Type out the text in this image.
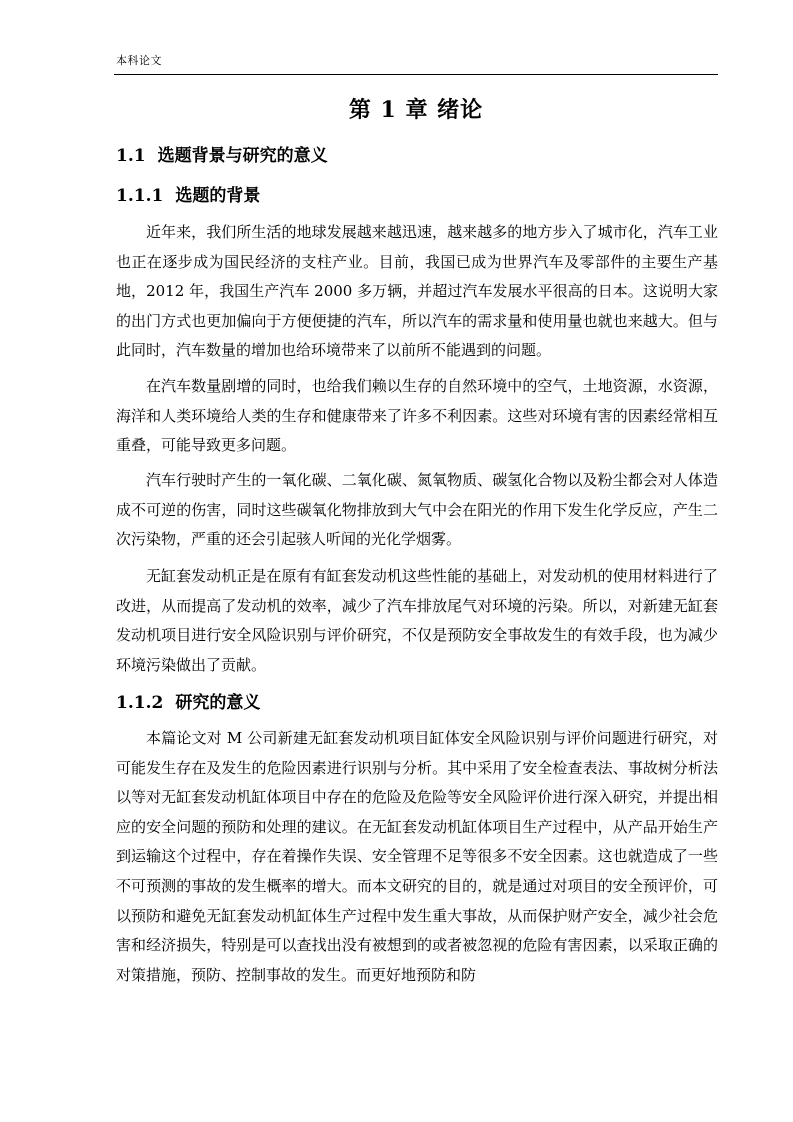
本科论文
第 1 章 绪论
1.1 选题背景与研究的意义
1.1.1 选题的背景

近年来，我们所生活的地球发展越来越迅速，越来越多的地方步入了城市化，汽车工业也正在逐步成为国民经济的支柱产业。目前，我国已成为世界汽车及零部件的主要生产基地，2012 年，我国生产汽车 2000 多万辆，并超过汽车发展水平很高的日本。这说明大家的出门方式也更加偏向于方便便捷的汽车，所以汽车的需求量和使用量也就也来越大。但与此同时，汽车数量的增加也给环境带来了以前所不能遇到的问题。

在汽车数量剧增的同时，也给我们赖以生存的自然环境中的空气，土地资源，水资源，海洋和人类环境给人类的生存和健康带来了许多不利因素。这些对环境有害的因素经常相互重叠，可能导致更多问题。

汽车行驶时产生的一氧化碳、二氧化碳、氮氧物质、碳氢化合物以及粉尘都会对人体造成不可逆的伤害，同时这些碳氧化物排放到大气中会在阳光的作用下发生化学反应，产生二次污染物，严重的还会引起骇人听闻的光化学烟雾。

无缸套发动机正是在原有有缸套发动机这些性能的基础上，对发动机的使用材料进行了改进，从而提高了发动机的效率，减少了汽车排放尾气对环境的污染。所以，对新建无缸套发动机项目进行安全风险识别与评价研究，不仅是预防安全事故发生的有效手段，也为减少环境污染做出了贡献。

1.1.2 研究的意义

本篇论文对 M 公司新建无缸套发动机项目缸体安全风险识别与评价问题进行研究，对可能发生存在及发生的危险因素进行识别与分析。其中采用了安全检查表法、事故树分析法以等对无缸套发动机缸体项目中存在的危险及危险等安全风险评价进行深入研究，并提出相应的安全问题的预防和处理的建议。在无缸套发动机缸体项目生产过程中，从产品开始生产到运输这个过程中，存在着操作失误、安全管理不足等很多不安全因素。这也就造成了一些不可预测的事故的发生概率的增大。而本文研究的目的，就是通过对项目的安全预评价，可以预防和避免无缸套发动机缸体生产过程中发生重大事故，从而保护财产安全，减少社会危害和经济损失，特别是可以查找出没有被想到的或者被忽视的危险有害因素，以采取正确的对策措施，预防、控制事故的发生。而更好地预防和防
